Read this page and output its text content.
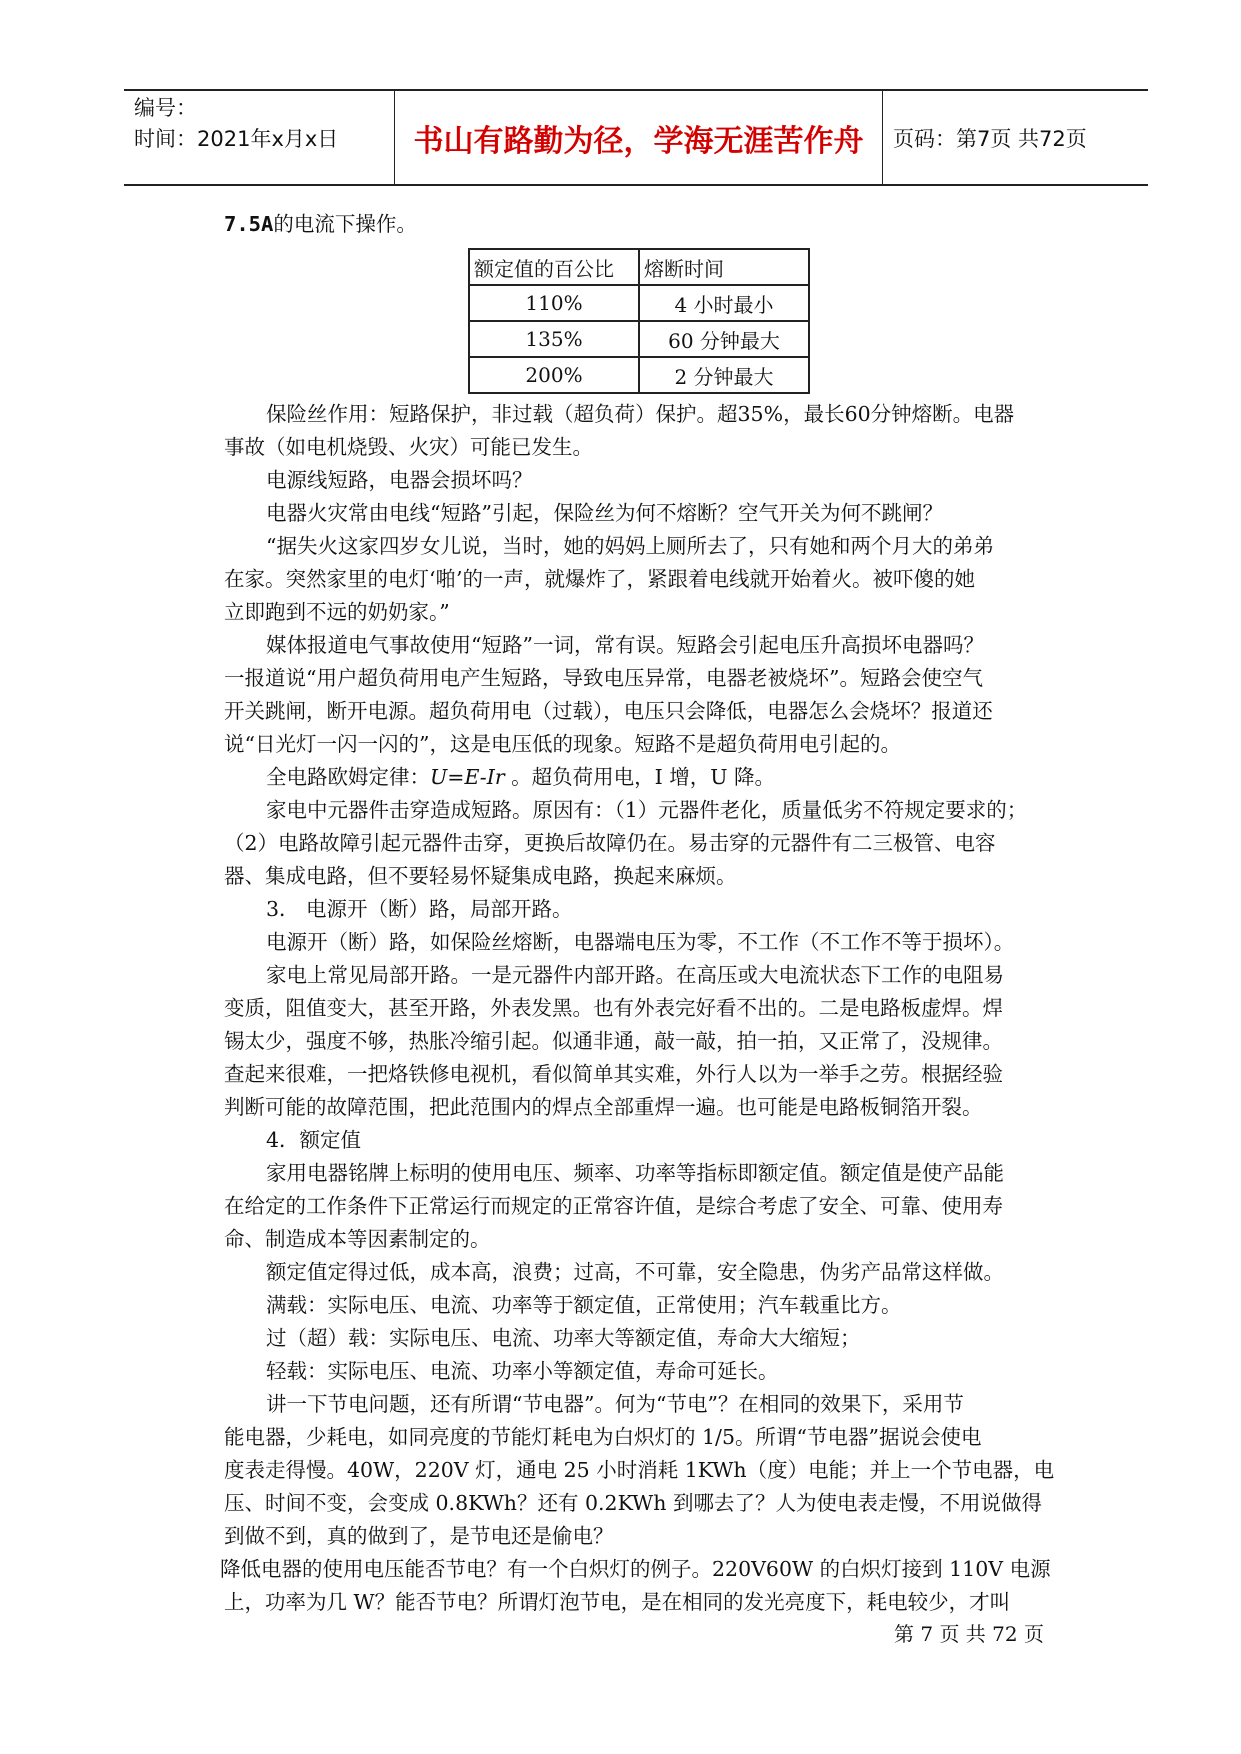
编号：
时间：2021年x月x日	书山有路勤为径，学海无涯苦作舟	页码：第7页 共72页
7.5A的电流下操作。
额定值的百公比	熔断时间
110%	4 小时最小
135%	60 分钟最大
200%	2 分钟最大
保险丝作用：短路保护，非过载（超负荷）保护。超35%，最长60分钟熔断。电器
事故（如电机烧毁、火灾）可能已发生。
电源线短路，电器会损坏吗？
电器火灾常由电线“短路”引起，保险丝为何不熔断？空气开关为何不跳闸？
“据失火这家四岁女儿说，当时，她的妈妈上厕所去了，只有她和两个月大的弟弟
在家。突然家里的电灯‘啪’的一声，就爆炸了，紧跟着电线就开始着火。被吓傻的她
立即跑到不远的奶奶家。”
媒体报道电气事故使用“短路”一词，常有误。短路会引起电压升高损坏电器吗？
一报道说“用户超负荷用电产生短路，导致电压异常，电器老被烧坏”。短路会使空气
开关跳闸，断开电源。超负荷用电（过载），电压只会降低，电器怎么会烧坏？报道还
说“日光灯一闪一闪的”，这是电压低的现象。短路不是超负荷用电引起的。
全电路欧姆定律：U=E-Ir 。超负荷用电，I 增，U 降。
家电中元器件击穿造成短路。原因有：（1）元器件老化，质量低劣不符规定要求的；
（2）电路故障引起元器件击穿，更换后故障仍在。易击穿的元器件有二三极管、电容
器、集成电路，但不要轻易怀疑集成电路，换起来麻烦。
3． 电源开（断）路，局部开路。
电源开（断）路，如保险丝熔断，电器端电压为零，不工作（不工作不等于损坏）。
家电上常见局部开路。一是元器件内部开路。在高压或大电流状态下工作的电阻易
变质，阻值变大，甚至开路，外表发黑。也有外表完好看不出的。二是电路板虚焊。焊
锡太少，强度不够，热胀冷缩引起。似通非通，敲一敲，拍一拍，又正常了，没规律。
查起来很难，一把烙铁修电视机，看似简单其实难，外行人以为一举手之劳。根据经验
判断可能的故障范围，把此范围内的焊点全部重焊一遍。也可能是电路板铜箔开裂。
4．额定值
家用电器铭牌上标明的使用电压、频率、功率等指标即额定值。额定值是使产品能
在给定的工作条件下正常运行而规定的正常容许值，是综合考虑了安全、可靠、使用寿
命、制造成本等因素制定的。
额定值定得过低，成本高，浪费；过高，不可靠，安全隐患，伪劣产品常这样做。
满载：实际电压、电流、功率等于额定值，正常使用；汽车载重比方。
过（超）载：实际电压、电流、功率大等额定值，寿命大大缩短；
轻载：实际电压、电流、功率小等额定值，寿命可延长。
讲一下节电问题，还有所谓“节电器”。何为“节电”？在相同的效果下，采用节
能电器，少耗电，如同亮度的节能灯耗电为白炽灯的 1/5。所谓“节电器”据说会使电
度表走得慢。40W，220V 灯，通电 25 小时消耗 1KWh（度）电能；并上一个节电器，电
压、时间不变，会变成 0.8KWh？还有 0.2KWh 到哪去了？人为使电表走慢，不用说做得
到做不到，真的做到了，是节电还是偷电？
降低电器的使用电压能否节电？有一个白炽灯的例子。220V60W 的白炽灯接到 110V 电源
上，功率为几 W？能否节电？所谓灯泡节电，是在相同的发光亮度下，耗电较少，才叫
第 7 页 共 72 页
